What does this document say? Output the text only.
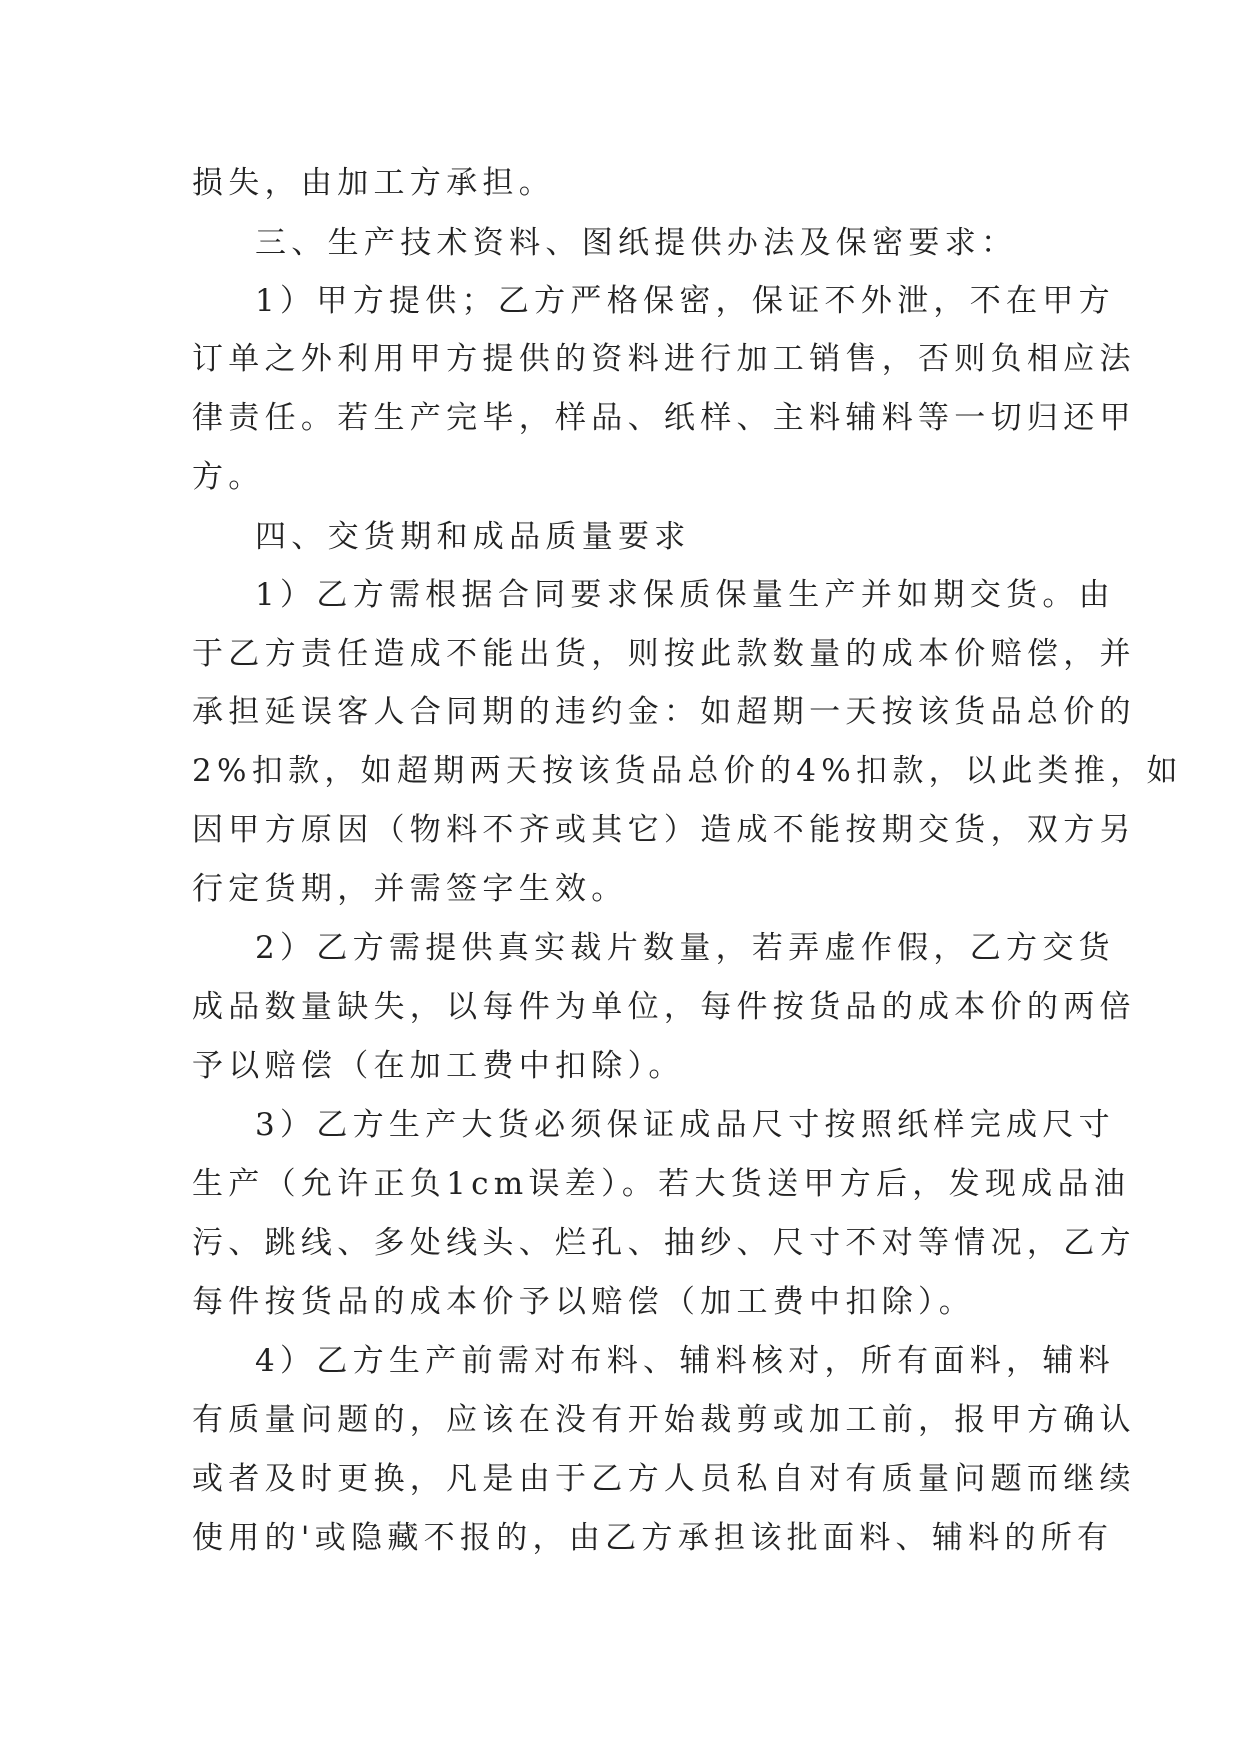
损失，由加工方承担。
三、生产技术资料、图纸提供办法及保密要求：
1）甲方提供；乙方严格保密，保证不外泄，不在甲方
订单之外利用甲方提供的资料进行加工销售，否则负相应法
律责任。若生产完毕，样品、纸样、主料辅料等一切归还甲
方。
四、交货期和成品质量要求
1）乙方需根据合同要求保质保量生产并如期交货。由
于乙方责任造成不能出货，则按此款数量的成本价赔偿，并
承担延误客人合同期的违约金：如超期一天按该货品总价的
2%扣款，如超期两天按该货品总价的4%扣款，以此类推，如
因甲方原因（物料不齐或其它）造成不能按期交货，双方另
行定货期，并需签字生效。
2）乙方需提供真实裁片数量，若弄虚作假，乙方交货
成品数量缺失，以每件为单位，每件按货品的成本价的两倍
予以赔偿（在加工费中扣除）。
3）乙方生产大货必须保证成品尺寸按照纸样完成尺寸
生产（允许正负1cm误差）。若大货送甲方后，发现成品油
污、跳线、多处线头、烂孔、抽纱、尺寸不对等情况，乙方
每件按货品的成本价予以赔偿（加工费中扣除）。
4）乙方生产前需对布料、辅料核对，所有面料，辅料
有质量问题的，应该在没有开始裁剪或加工前，报甲方确认
或者及时更换，凡是由于乙方人员私自对有质量问题而继续
使用的'或隐藏不报的，由乙方承担该批面料、辅料的所有
